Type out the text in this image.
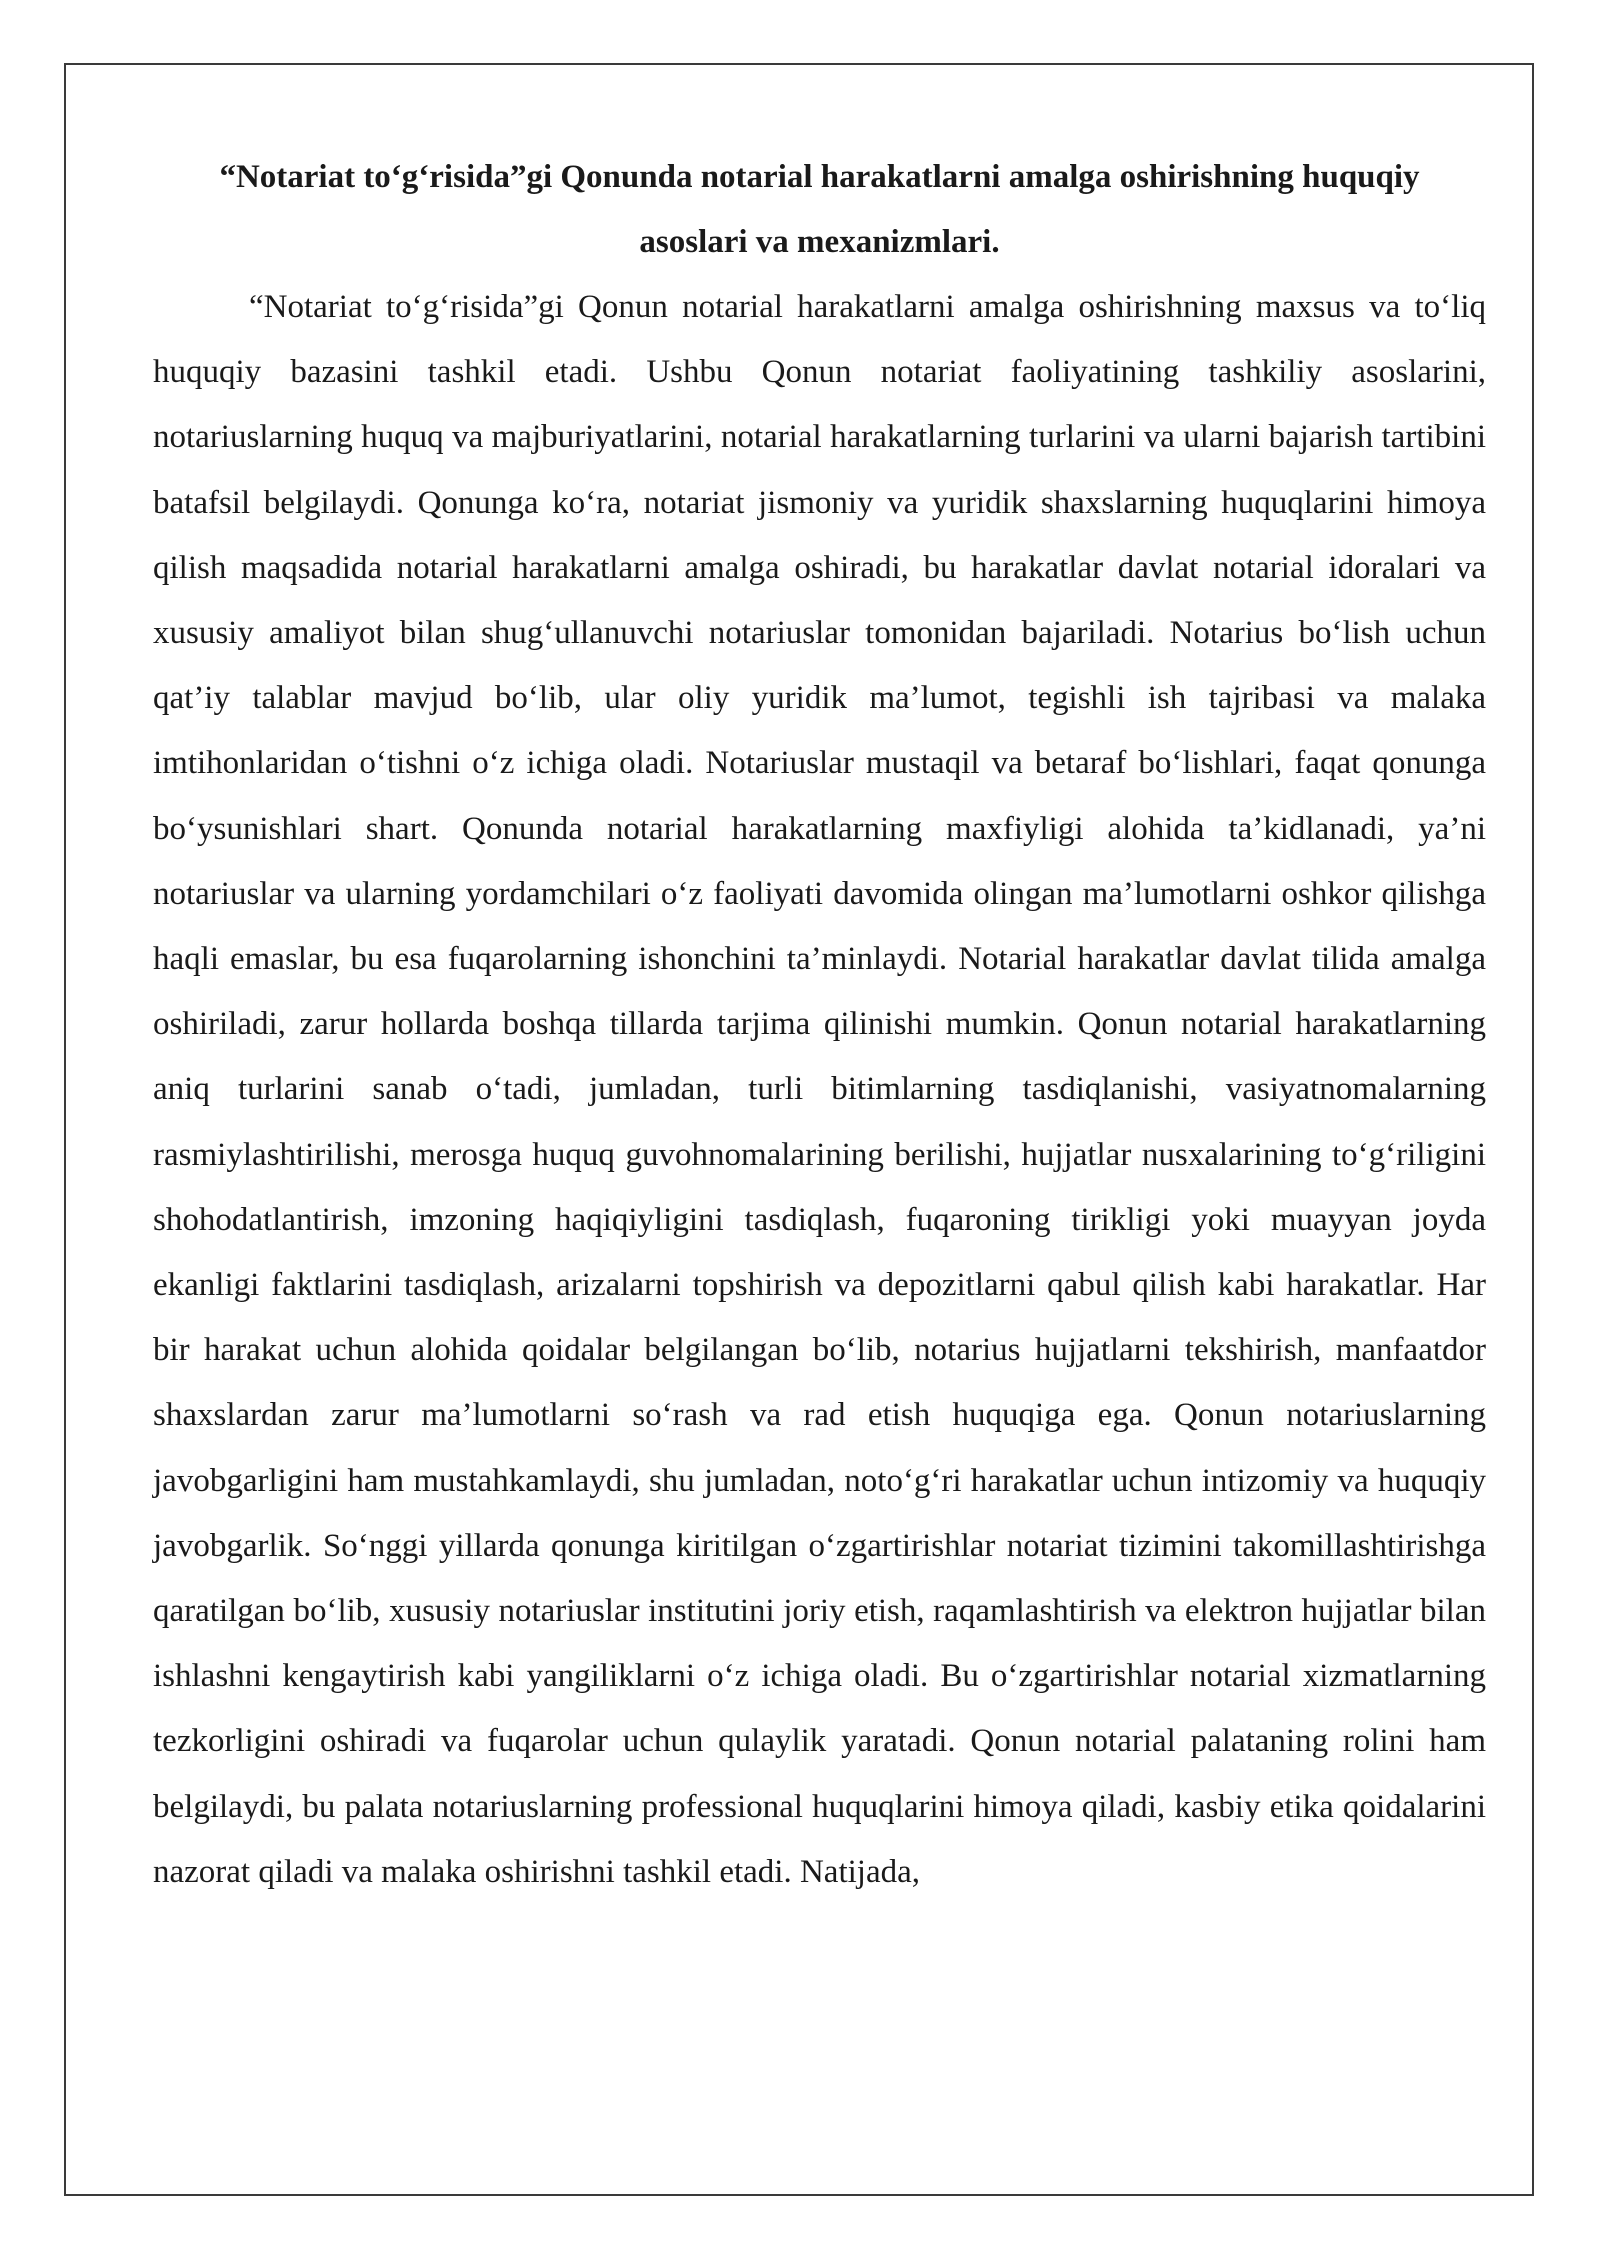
“Notariat to‘g‘risida”gi Qonunda notarial harakatlarni amalga oshirishning huquqiy asoslari va mexanizmlari.

“Notariat to‘g‘risida”gi Qonun notarial harakatlarni amalga oshirishning maxsus va to‘liq huquqiy bazasini tashkil etadi. Ushbu Qonun notariat faoliyatining tashkiliy asoslarini, notariuslarning huquq va majburiyatlarini, notarial harakatlarning turlarini va ularni bajarish tartibini batafsil belgilaydi. Qonunga ko‘ra, notariat jismoniy va yuridik shaxslarning huquqlarini himoya qilish maqsadida notarial harakatlarni amalga oshiradi, bu harakatlar davlat notarial idoralari va xususiy amaliyot bilan shug‘ullanuvchi notariuslar tomonidan bajariladi. Notarius bo‘lish uchun qat’iy talablar mavjud bo‘lib, ular oliy yuridik ma’lumot, tegishli ish tajribasi va malaka imtihonlaridan o‘tishni o‘z ichiga oladi. Notariuslar mustaqil va betaraf bo‘lishlari, faqat qonunga bo‘ysunishlari shart. Qonunda notarial harakatlarning maxfiyligi alohida ta’kidlanadi, ya’ni notariuslar va ularning yordamchilari o‘z faoliyati davomida olingan ma’lumotlarni oshkor qilishga haqli emaslar, bu esa fuqarolarning ishonchini ta’minlaydi. Notarial harakatlar davlat tilida amalga oshiriladi, zarur hollarda boshqa tillarda tarjima qilinishi mumkin. Qonun notarial harakatlarning aniq turlarini sanab o‘tadi, jumladan, turli bitimlarning tasdiqlanishi, vasiyatnomalarning rasmiylashtirilishi, merosga huquq guvohnomalarining berilishi, hujjatlar nusxalarining to‘g‘riligini shohodatlantirish, imzoning haqiqiyligini tasdiqlash, fuqaroning tirikligi yoki muayyan joyda ekanligi faktlarini tasdiqlash, arizalarni topshirish va depozitlarni qabul qilish kabi harakatlar. Har bir harakat uchun alohida qoidalar belgilangan bo‘lib, notarius hujjatlarni tekshirish, manfaatdor shaxslardan zarur ma’lumotlarni so‘rash va rad etish huquqiga ega. Qonun notariuslarning javobgarligini ham mustahkamlaydi, shu jumladan, noto‘g‘ri harakatlar uchun intizomiy va huquqiy javobgarlik. So‘nggi yillarda qonunga kiritilgan o‘zgartirishlar notariat tizimini takomillashtirishga qaratilgan bo‘lib, xususiy notariuslar institutini joriy etish, raqamlashtirish va elektron hujjatlar bilan ishlashni kengaytirish kabi yangiliklarni o‘z ichiga oladi. Bu o‘zgartirishlar notarial xizmatlarning tezkorligini oshiradi va fuqarolar uchun qulaylik yaratadi. Qonun notarial palataning rolini ham belgilaydi, bu palata notariuslarning professional huquqlarini himoya qiladi, kasbiy etika qoidalarini nazorat qiladi va malaka oshirishni tashkil etadi. Natijada,
